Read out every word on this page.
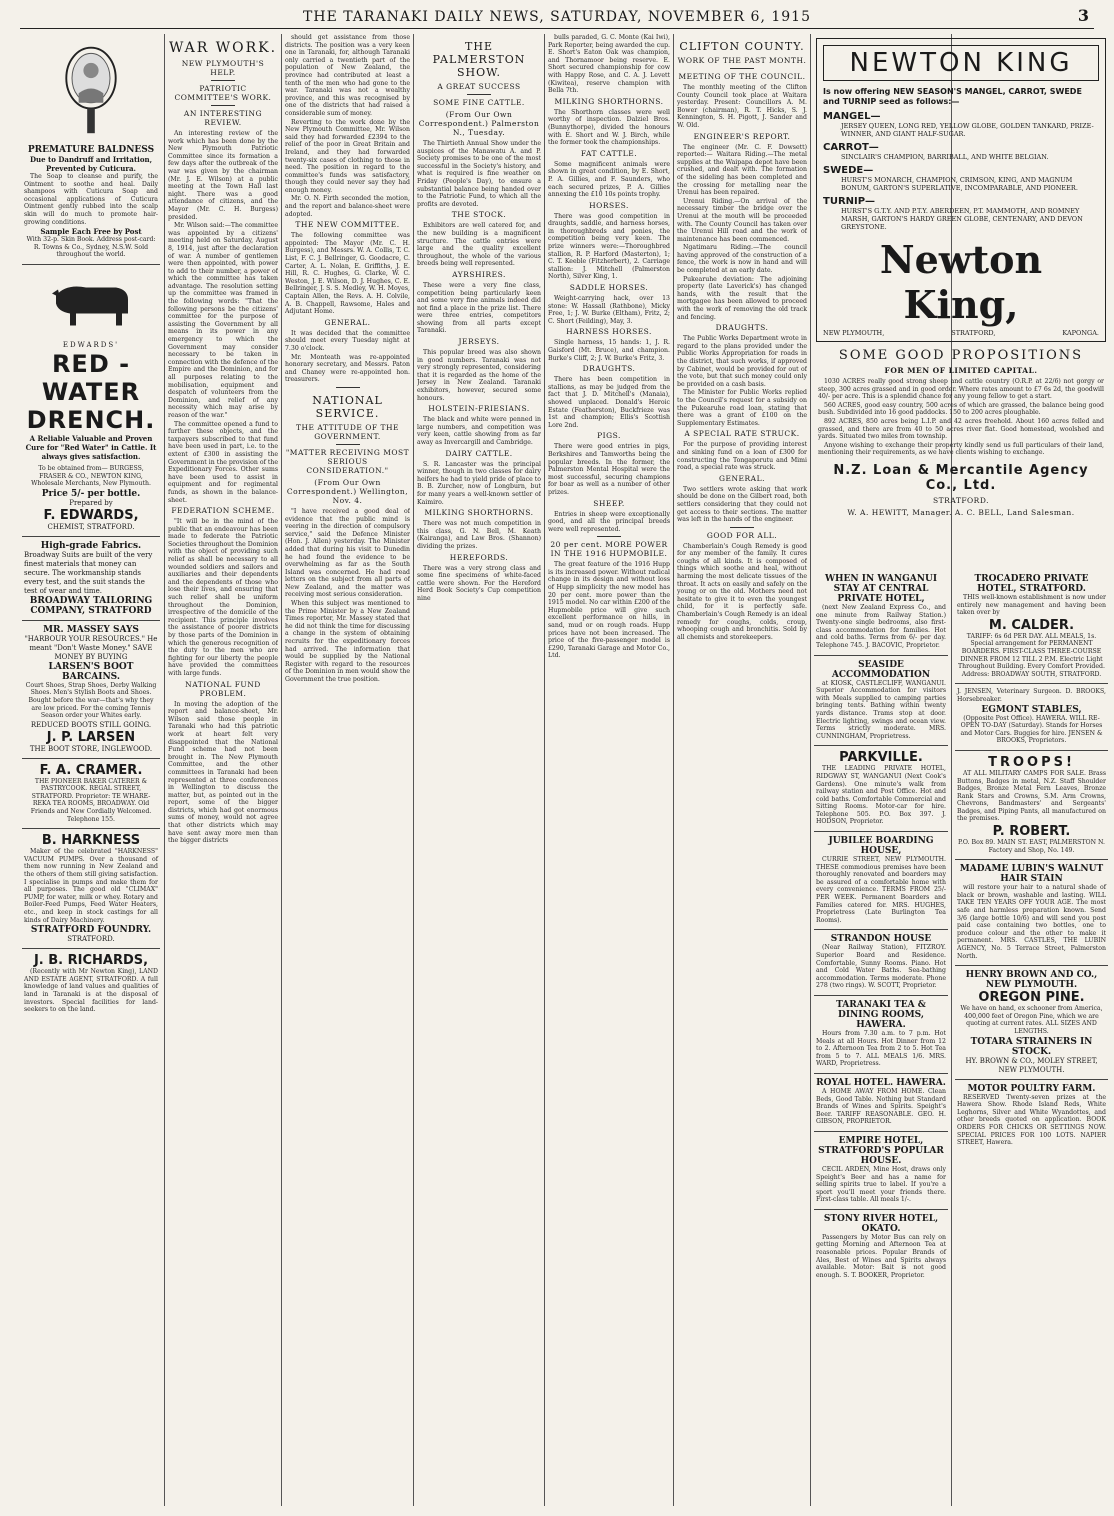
THE TARANAKI DAILY NEWS, SATURDAY, NOVEMBER 6, 1915	3
PREMATURE BALDNESS
Due to Dandruff and Irritation, Prevented by Cuticura.
The Soap to cleanse and purify, the Ointment to soothe and heal. Daily shampoos with Cuticura Soap and occasional applications of Cuticura Ointment gently rubbed into the scalp skin will do much to promote hair-growing conditions.
Sample Each Free by Post
With 32-p. Skin Book. Address post-card: R. Towns & Co., Sydney, N.S.W. Sold throughout the world.
EDWARDS'
RED - WATER DRENCH.
A Reliable Valuable and Proven Cure for "Red Water" in Cattle. It always gives satisfaction.
To be obtained from— BURGESS, FRASER & CO., NEWTON KING, Wholesale Merchants, New Plymouth.
Price 5/- per bottle.
Prepared by
F. EDWARDS,
CHEMIST, STRATFORD.
High-grade Fabrics.
Broadway Suits are built of the very finest materials that money can secure. The workmanship stands every test, and the suit stands the test of wear and time.
BROADWAY TAILORING COMPANY, STRATFORD
MR. MASSEY SAYS
"HARBOUR YOUR RESOURCES." He meant "Don't Waste Money." SAVE MONEY BY BUYING
LARSEN'S BOOT BARCAINS.
Court Shoes, Strap Shoes, Derby Walking Shoes. Men's Stylish Boots and Shoes. Bought before the war—that's why they are low priced. For the coming Tennis Season order your Whites early.
REDUCED BOOTS STILL GOING.
J. P. LARSEN
THE BOOT STORE, INGLEWOOD.
F. A. CRAMER.
THE PIONEER BAKER CATERER & PASTRYCOOK. REGAL STREET, STRATFORD. Proprietor: TE WHARE-REKA TEA ROOMS, BROADWAY. Old Friends and New Cordially Welcomed. Telephone 155.
B. HARKNESS
Maker of the celebrated "HARKNESS" VACUUM PUMPS. Over a thousand of them now running in New Zealand and the others of them still giving satisfaction. I specialise in pumps and make them for all purposes. The good old "CLIMAX" PUMP, for water, milk or whey. Rotary and Boiler-Feed Pumps, Feed Water Heaters, etc., and keep in stock castings for all kinds of Dairy Machinery.
STRATFORD FOUNDRY.
STRATFORD.
J. B. RICHARDS,
(Recently with Mr Newton King), LAND AND ESTATE AGENT, STRATFORD. A full knowledge of land values and qualities of land in Taranaki is at the disposal of investors. Special facilities for land-seekers to on the land.
WAR WORK.
NEW PLYMOUTH'S HELP.
PATRIOTIC COMMITTEE'S WORK.
AN INTERESTING REVIEW.

An interesting review of the work which has been done by the New Plymouth Patriotic Committee since its formation a few days after the outbreak of the war was given by the chairman (Mr. J. E. Wilson) at a public meeting at the Town Hall last night. There was a good attendance of citizens, and the Mayor (Mr. C. H. Burgess) presided.

Mr. Wilson said:—The committee was appointed by a citizens' meeting held on Saturday, August 8, 1914, just after the declaration of war. A number of gentlemen were then appointed, with power to add to their number, a power of which the committee has taken advantage. The resolution setting up the committee was framed in the following words: "That the following persons be the citizens' committee for the purpose of assisting the Government by all means in its power in any emergency to which the Government may consider necessary to be taken in connection with the defence of the Empire and the Dominion, and for all purposes relating to the mobilisation, equipment and despatch of volunteers from the Dominion, and relief of any necessity which may arise by reason of the war."

The committee opened a fund to further these objects, and the taxpayers subscribed to that fund have been used in part, i.e. to the extent of £300 in assisting the Government in the provision of the Expeditionary Forces. Other sums have been used to assist in equipment and for regimental funds, as shown in the balance-sheet.

FEDERATION SCHEME.

"It will be in the mind of the public that an endeavour has been made to federate the Patriotic Societies throughout the Dominion with the object of providing such relief as shall be necessary to all wounded soldiers and sailors and auxiliaries and their dependents and the dependents of those who lose their lives, and ensuring that such relief shall be uniform throughout the Dominion, irrespective of the domicile of the recipient. This principle involves the assistance of poorer districts by those parts of the Dominion in which the generous recognition of the duty to the men who are fighting for our liberty the people have provided the committees with large funds.

NATIONAL FUND PROBLEM.

In moving the adoption of the report and balance-sheet, Mr. Wilson said those people in Taranaki who had this patriotic work at heart felt very disappointed that the National Fund scheme had not been brought in. The New Plymouth Committee, and the other committees in Taranaki had been represented at three conferences in Wellington to discuss the matter, but, as pointed out in the report, some of the bigger districts, which had got enormous sums of money, would not agree that other districts which may have sent away more men than the bigger districts

should get assistance from those districts. The position was a very keen one in Taranaki, for, although Taranaki only carried a twentieth part of the population of New Zealand, the province had contributed at least a tenth of the men who had gone to the war. Taranaki was not a wealthy province, and this was recognised by one of the districts that had raised a considerable sum of money.

Reverting to the work done by the New Plymouth Committee, Mr. Wilson said they had forwarded £2394 to the relief of the poor in Great Britain and Ireland, and they had forwarded twenty-six cases of clothing to those in need. The position in regard to the committee's funds was satisfactory, though they could never say they had enough money.

Mr. O. N. Firth seconded the motion, and the report and balance-sheet were adopted.

THE NEW COMMITTEE.

The following committee was appointed: The Mayor (Mr. C. H. Burgess), and Messrs. W. A. Collis, T. C. List, F. C. J. Bellringer, G. Goodacre, C. Carter, A. L. Nolan, E. Griffiths, J. E. Hill, R. C. Hughes, G. Clarke, W. C. Weston, J. E. Wilson, D. J. Hughes, C. E. Bellringer, J. S. S. Medley, W. H. Moyes, Captain Allen, the Revs. A. H. Colvile, A. B. Chappell, Rawsome, Hales and Adjutant Home.

GENERAL.

It was decided that the committee should meet every Tuesday night at 7.30 o'clock.

Mr. Monteath was re-appointed honorary secretary, and Messrs. Paton and Chaney were re-appointed hon. treasurers.

NATIONAL SERVICE.
THE ATTITUDE OF THE GOVERNMENT.
"MATTER RECEIVING MOST SERIOUS CONSIDERATION."
(From Our Own Correspondent.) Wellington, Nov. 4.

"I have received a good deal of evidence that the public mind is veering in the direction of compulsory service," said the Defence Minister (Hon. J. Allen) yesterday. The Minister added that during his visit to Dunedin he had found the evidence to be overwhelming as far as the South Island was concerned. He had read letters on the subject from all parts of New Zealand, and the matter was receiving most serious consideration.

When this subject was mentioned to the Prime Minister by a New Zealand Times reporter, Mr. Massey stated that he did not think the time for discussing a change in the system of obtaining recruits for the expeditionary forces had arrived. The information that would be supplied by the National Register with regard to the resources of the Dominion in men would show the Government the true position.

THE PALMERSTON SHOW.
A GREAT SUCCESS
SOME FINE CATTLE.
(From Our Own Correspondent.) Palmerston N., Tuesday.

The Thirtieth Annual Show under the auspices of the Manawatu A. and P. Society promises to be one of the most successful in the Society's history, and what is required is fine weather on Friday (People's Day), to ensure a substantial balance being handed over to the Patriotic Fund, to which all the profits are devoted.

THE STOCK.

Exhibitors are well catered for, and the new building is a magnificent structure. The cattle entries were large and the quality excellent throughout, the whole of the various breeds being well represented.

AYRSHIRES.

These were a very fine class, competition being particularly keen and some very fine animals indeed did not find a place in the prize list. There were three entries, competitors showing from all parts except Taranaki.

JERSEYS.

This popular breed was also shown in good numbers. Taranaki was not very strongly represented, considering that it is regarded as the home of the Jersey in New Zealand. Taranaki exhibitors, however, secured some honours.

HOLSTEIN-FRIESIANS.

The black and white were penned in large numbers, and competition was very keen, cattle showing from as far away as Invercargill and Cambridge.

DAIRY CATTLE.

S. R. Lancaster was the principal winner, though in two classes for dairy heifers he had to yield pride of place to B. B. Zurcher, now of Longburn, but for many years a well-known settler of Kaimiro.

MILKING SHORTHORNS.

There was not much competition in this class, G. N. Bell, M. Keath (Kairanga), and Law Bros. (Shannon) dividing the prizes.

HEREFORDS.

There was a very strong class and some fine specimens of white-faced cattle were shown. For the Hereford Herd Book Society's Cup competition nine

bulls paraded, G. C. Monte (Kai Iwi), Park Reporter, being awarded the cup. E. Short's Eaton Oak was champion, and Thornamoor being reserve. E. Short secured championship for cow with Happy Rose, and C. A. J. Levett (Kiwitea), reserve champion with Bella 7th.

MILKING SHORTHORNS.

The Shorthorn classes were well worthy of inspection. Dalziel Bros. (Bunnythorpe), divided the honours with E. Short and W. J. Birch, while the former took the championships.

FAT CATTLE.

Some magnificent animals were shown in great condition, by E. Short, P. A. Gillies, and F. Saunders, who each secured prizes, P. A. Gillies annexing the £10 10s points trophy.

HORSES.

There was good competition in draughts, saddle, and harness horses, in thoroughbreds and ponies, the competition being very keen. The prize winners were:—Thoroughbred stallion, R. P. Harford (Masterton), 1; C. T. Keeble (Fitzherbert), 2. Carriage stallion: J. Mitchell (Palmerston North), Silver King, 1.

SADDLE HORSES.

Weight-carrying hack, over 13 stone: W. Hassall (Rathbone), Micky Free, 1; J. W. Burke (Eltham), Fritz, 2; C. Short (Feilding), May, 3.

HARNESS HORSES.

Single harness, 15 hands: 1, J. R. Gaisford (Mt. Bruce), and champion. Burke's Cliff, 2; J. W. Burke's Fritz, 3.

DRAUGHTS.

There has been competition in stallions, as may be judged from the fact that J. D. Mitchell's (Manaia), showed unplaced. Donald's Heroic Estate (Featherston), Buckfrieze was 1st and champion; Ellis's Scottish Lore 2nd.

PIGS.

There were good entries in pigs, Berkshires and Tamworths being the popular breeds. In the former, the Palmerston Mental Hospital were the most successful, securing champions for boar as well as a number of other prizes.

SHEEP.

Entries in sheep were exceptionally good, and all the principal breeds were well represented.

20 per cent. MORE POWER IN THE 1916 HUPMOBILE.

The great feature of the 1916 Hupp is its increased power. Without radical change in its design and without loss of Hupp simplicity the new model has 20 per cent. more power than the 1915 model. No car within £200 of the Hupmobile price will give such excellent performance on hills, in sand, mud or on rough roads. Hupp prices have not been increased. The price of the five-passenger model is £290, Taranaki Garage and Motor Co., Ltd.

CLIFTON COUNTY.
WORK OF THE PAST MONTH.
MEETING OF THE COUNCIL.

The monthly meeting of the Clifton County Council took place at Waitara yesterday. Present: Councillors A. M. Bower (chairman), R. T. Hicks, S. J. Kennington, S. H. Pigott, J. Sander and W. Old.

ENGINEER'S REPORT.

The engineer (Mr. C. F. Dowsett) reported:— Waitara Riding.—The metal supplies at the Waipapa depot have been crushed, and dealt with. The formation of the sideling has been completed and the crossing for metalling near the Urenui has been repaired.

Urenui Riding.—On arrival of the necessary timber the bridge over the Urenui at the mouth will be proceeded with. The County Council has taken over the Urenui Hill road and the work of maintenance has been commenced.

Ngatimaru Riding.—The council having approved of the construction of a fence, the work is now in hand and will be completed at an early date.

Pukearuhe deviation: The adjoining property (late Laverick's) has changed hands, with the result that the mortgagee has been allowed to proceed with the work of removing the old track and fencing.

DRAUGHTS.

The Public Works Department wrote in regard to the plans provided under the Public Works Appropriation for roads in the district, that such works, if approved by Cabinet, would be provided for out of the vote, but that such money could only be provided on a cash basis.

The Minister for Public Works replied to the Council's request for a subsidy on the Pukearuhe road loan, stating that there was a grant of £100 on the Supplementary Estimates.

A SPECIAL RATE STRUCK.

For the purpose of providing interest and sinking fund on a loan of £300 for constructing the Tongaporutu and Mimi road, a special rate was struck.

GENERAL.

Two settlers wrote asking that work should be done on the Gilbert road, both settlers considering that they could not get access to their sections. The matter was left in the hands of the engineer.

GOOD FOR ALL.

Chamberlain's Cough Remedy is good for any member of the family. It cures coughs of all kinds. It is composed of things which soothe and heal, without harming the most delicate tissues of the throat. It acts on easily and safely on the young or on the old. Mothers need not hesitate to give it to even the youngest child, for it is perfectly safe. Chamberlain's Cough Remedy is an ideal remedy for coughs, colds, croup, whooping cough and bronchitis. Sold by all chemists and storekeepers.

NEWTON KING
Is now offering NEW SEASON'S MANGEL, CARROT, SWEDE and TURNIP seed as follows:—
MANGEL—
JERSEY QUEEN, LONG RED, YELLOW GLOBE, GOLDEN TANKARD, PRIZE-WINNER, AND GIANT HALF-SUGAR.
CARROT—
SINCLAIR'S CHAMPION, BARRIBALL, AND WHITE BELGIAN.
SWEDE—
HURST'S MONARCH, CHAMPION, CRIMSON, KING, AND MAGNUM BONUM, GARTON'S SUPERLATIVE, INCOMPARABLE, AND PIONEER.
TURNIP—
HURST'S G.T.Y. AND P.T.Y. ABERDEEN, P.T. MAMMOTH, AND ROMNEY MARSH, GARTON'S HARDY GREEN GLOBE, CENTENARY, AND DEVON GREYSTONE.
Newton King,
NEW PLYMOUTH,	STRATFORD,	KAPONGA.
SOME GOOD PROPOSITIONS
FOR MEN OF LIMITED CAPITAL.

1030 ACRES really good strong sheep and cattle country (O.R.P. at 22/6) not gorgy or steep, 300 acres grassed and in good order. Where rates amount to £7 6s 2d, the goodwill 40/- per acre. This is a splendid chance for any young fellow to get a start.

560 ACRES, good easy country, 500 acres of which are grassed, the balance being good bush. Subdivided into 16 good paddocks. 150 to 200 acres ploughable.

892 ACRES, 850 acres being L.I.P. and 42 acres freehold. About 160 acres felled and grassed, and there are from 40 to 50 acres river flat. Good homestead, woolshed and yards. Situated two miles from township.

Anyone wishing to exchange their property kindly send us full particulars of their land, mentioning their requirements, as we have clients wishing to exchange.

N.Z. Loan & Mercantile Agency Co., Ltd.
STRATFORD.
W. A. HEWITT, Manager. A. C. BELL, Land Salesman.
WHEN IN WANGANUI STAY AT CENTRAL PRIVATE HOTEL,
(next New Zealand Express Co., and one minute from Railway Station.) Twenty-one single bedrooms, also first-class accommodation for families. Hot and cold baths. Terms from 6/- per day. Telephone 745. J. BACOVIC, Proprietor.
SEASIDE ACCOMMODATION
at KIOSK, CASTLECLIFF, WANGANUI. Superior Accommodation for visitors with Meals supplied to camping parties bringing tents. Bathing within twenty yards distance. Trams stop at door. Electric lighting, swings and ocean view. Terms strictly moderate. MRS. CUNNINGHAM, Proprietress.
PARKVILLE.
THE LEADING PRIVATE HOTEL, RIDGWAY ST, WANGANUI (Next Cook's Gardens). One minute's walk from railway station and Post Office. Hot and cold baths. Comfortable Commercial and Sitting Rooms. Motor-car for hire. Telephone 505. P.O. Box 397. J. HODSON, Proprietor.
JUBILEE BOARDING HOUSE,
CURRIE STREET, NEW PLYMOUTH. THESE commodious premises have been thoroughly renovated and boarders may be assured of a comfortable home with every convenience. TERMS FROM 25/- PER WEEK. Permanent Boarders and Families catered for. MRS. HUGHES, Proprietress (Late Burlington Tea Rooms).
STRANDON HOUSE
(Near Railway Station), FITZROY. Superior Board and Residence. Comfortable, Sunny Rooms. Piano. Hot and Cold Water Baths. Sea-bathing accommodation. Terms moderate. Phone 278 (two rings). W. SCOTT, Proprietor.
TARANAKI TEA & DINING ROOMS, HAWERA.
Hours from 7.30 a.m. to 7 p.m. Hot Meals at all Hours. Hot Dinner from 12 to 2. Afternoon Tea from 2 to 5. Hot Tea from 5 to 7. ALL MEALS 1/6. MRS. WARD, Proprietress.
ROYAL HOTEL. HAWERA.
A HOME AWAY FROM HOME. Clean Beds, Good Table. Nothing but Standard Brands of Wines and Spirits. Speight's Beer. TARIFF REASONABLE. GEO. H. GIBSON, PROPRIETOR.
EMPIRE HOTEL, STRATFORD'S POPULAR HOUSE.
CECIL ARDEN, Mine Host, draws only Speight's Beer and has a name for selling spirits true to label. If you're a sport you'll meet your friends there. First-class table. All meals 1/-.
STONY RIVER HOTEL, OKATO.
Passengers by Motor Bus can rely on getting Morning and Afternoon Tea at reasonable prices. Popular Brands of Ales, Best of Wines and Spirits always available. Motor: Bait is not good enough. S. T. BOOKER, Proprietor.
TROCADERO PRIVATE HOTEL, STRATFORD.
THIS well-known establishment is now under entirely new management and having been taken over by
M. CALDER.
TARIFF: 6s 6d PER DAY. ALL MEALS, 1s. Special arrangement for PERMANENT BOARDERS. FIRST-CLASS THREE-COURSE DINNER FROM 12 TILL 2 P.M. Electric Light Throughout Building. Every Comfort Provided. Address: BROADWAY SOUTH, STRATFORD.
J. JENSEN, Veterinary Surgeon. D. BROOKS, Horsebreaker.
EGMONT STABLES,
(Opposite Post Office). HAWERA. WILL RE-OPEN TO-DAY (Saturday). Stands for Horses and Motor Cars. Buggies for hire. JENSEN & BROOKS, Proprietors.
TROOPS!
AT ALL MILITARY CAMPS FOR SALE. Brass Buttons, Badges in metal, N.Z. Staff Shoulder Badges, Bronze Metal Fern Leaves, Bronze Rank Stars and Crowns, S.M. Arm Crowns, Chevrons, Bandmasters' and Sergeants' Badges, and Piping Pants, all manufactured on the premises.
P. ROBERT.
P.O. Box 89. MAIN ST. EAST, PALMERSTON N. Factory and Shop, No. 149.
MADAME LUBIN'S WALNUT HAIR STAIN
will restore your hair to a natural shade of black or brown, washable and lasting. WILL TAKE TEN YEARS OFF YOUR AGE. The most safe and harmless preparation known. Send 3/6 (large bottle 10/6) and will send you post paid case containing two bottles, one to produce colour and the other to make it permanent. MRS. CASTLES, THE LUBIN AGENCY, No. 5 Terrace Street, Palmerston North.
HENRY BROWN AND CO., NEW PLYMOUTH.
OREGON PINE.
We have on hand, ex schooner from America, 400,000 feet of Oregon Pine, which we are quoting at current rates. ALL SIZES AND LENGTHS.
TOTARA STRAINERS IN STOCK.
HY. BROWN & CO., MOLEY STREET, NEW PLYMOUTH.
MOTOR POULTRY FARM.
RESERVED Twenty-seven prizes at the Hawera Show. Rhode Island Reds, White Leghorns, Silver and White Wyandottes, and other breeds quoted on application. BOOK ORDERS FOR CHICKS OR SETTINGS NOW. SPECIAL PRICES FOR 100 LOTS. NAPIER STREET, Hawera.
